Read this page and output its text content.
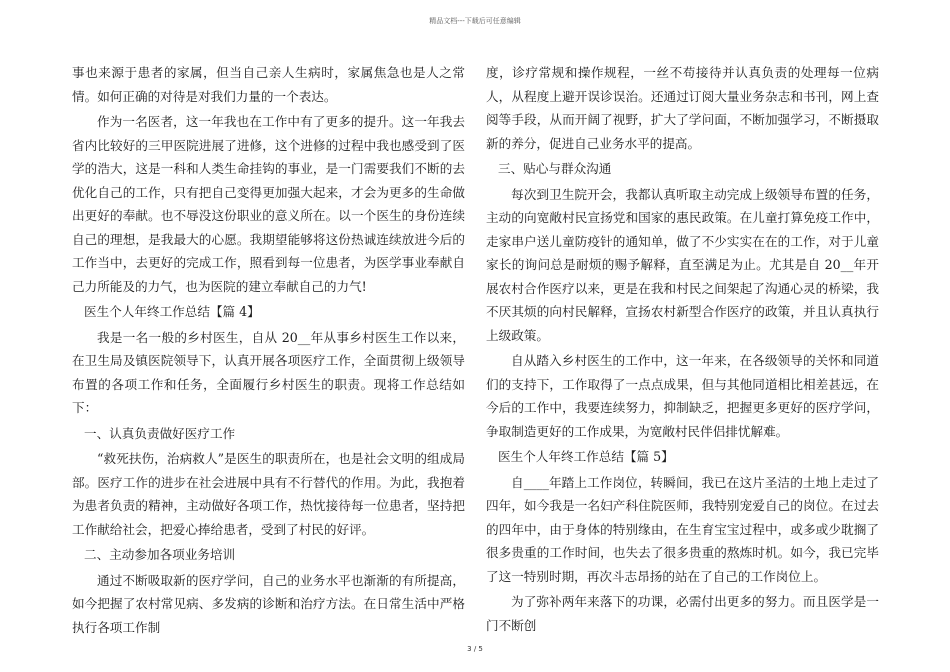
精品文档---下载后可任意编辑

事也来源于患者的家属，但当自己亲人生病时，家属焦急也是人之常情。如何正确的对待是对我们力量的一个表达。

作为一名医者，这一年我也在工作中有了更多的提升。这一年我去省内比较好的三甲医院进展了进修，这个进修的过程中我也感受到了医学的浩大，这是一科和人类生命挂钩的事业，是一门需要我们不断的去优化自己的工作，只有把自己变得更加强大起来，才会为更多的生命做出更好的奉献。也不辱没这份职业的意义所在。以一个医生的身份连续自己的理想，是我最大的心愿。我期望能够将这份热诚连续放进今后的工作当中，去更好的完成工作，照看到每一位患者，为医学事业奉献自己力所能及的力气，也为医院的建立奉献自己的力气!

医生个人年终工作总结【篇 4】

我是一名一般的乡村医生，自从 20__年从事乡村医生工作以来，在卫生局及镇医院领导下，认真开展各项医疗工作，全面贯彻上级领导布置的各项工作和任务，全面履行乡村医生的职责。现将工作总结如下：

一、认真负责做好医疗工作

“救死扶伤，治病救人”是医生的职责所在，也是社会文明的组成局部。医疗工作的进步在社会进展中具有不行替代的作用。为此，我抱着为患者负责的精神，主动做好各项工作，热忱接待每一位患者，坚持把工作献给社会，把爱心捧给患者，受到了村民的好评。

二、主动参加各项业务培训

通过不断吸取新的医疗学问，自己的业务水平也渐渐的有所提高，如今把握了农村常见病、多发病的诊断和治疗方法。在日常生活中严格执行各项工作制

度，诊疗常规和操作规程，一丝不苟接待并认真负责的处理每一位病人，从程度上避开误诊误治。还通过订阅大量业务杂志和书刊，网上查阅等手段，从而开阔了视野，扩大了学问面，不断加强学习，不断摄取新的养分，促进自己业务水平的提高。

三、贴心与群众沟通

每次到卫生院开会，我都认真听取主动完成上级领导布置的任务，主动的向宽敞村民宣扬党和国家的惠民政策。在儿童打算免疫工作中，走家串户送儿童防疫针的通知单，做了不少实实在在的工作，对于儿童家长的询问总是耐烦的赐予解释，直至满足为止。尤其是自 20__年开展农村合作医疗以来，更是在我和村民之间架起了沟通心灵的桥梁，我不厌其烦的向村民解释，宣扬农村新型合作医疗的政策，并且认真执行上级政策。

自从踏入乡村医生的工作中，这一年来，在各级领导的关怀和同道们的支持下，工作取得了一点点成果，但与其他同道相比相差甚远，在今后的工作中，我要连续努力，抑制缺乏，把握更多更好的医疗学问，争取制造更好的工作成果，为宽敞村民伴侣排忧解难。

医生个人年终工作总结【篇 5】

自____年踏上工作岗位，转瞬间，我已在这片圣洁的土地上走过了四年，如今我是一名妇产科住院医师，我特别宠爱自己的岗位。在过去的四年中，由于身体的特别缘由，在生育宝宝过程中，或多或少耽搁了很多贵重的工作时间，也失去了很多贵重的熬炼时机。如今，我已完毕了这一特别时期，再次斗志昂扬的站在了自己的工作岗位上。

为了弥补两年来落下的功课，必需付出更多的努力。而且医学是一门不断创

3 / 5
